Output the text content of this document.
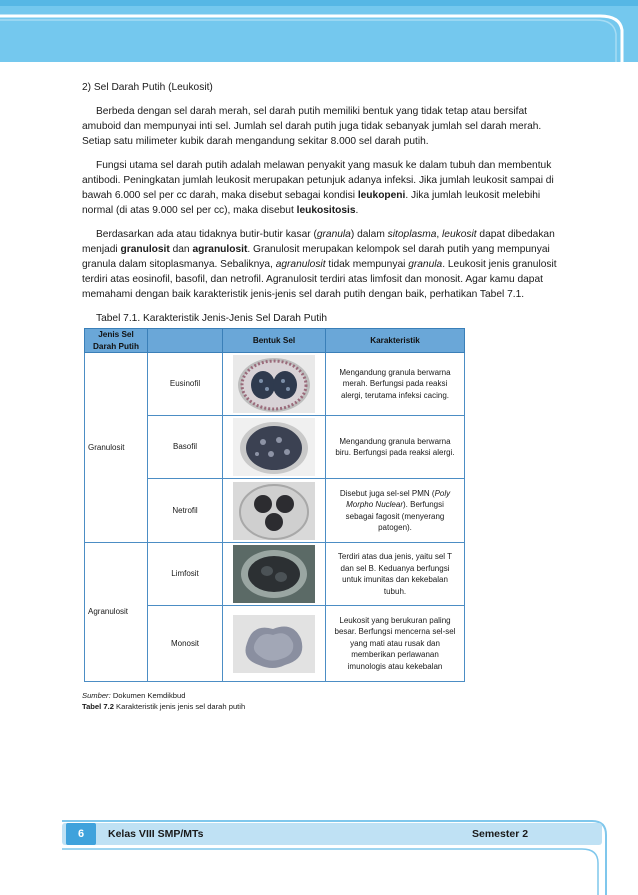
2) Sel Darah Putih (Leukosit)

Berbeda dengan sel darah merah, sel darah putih memiliki bentuk yang tidak tetap atau bersifat amuboid dan mempunyai inti sel. Jumlah sel darah putih juga tidak sebanyak jumlah sel darah merah. Setiap satu milimeter kubik darah mengandung sekitar 8.000 sel darah putih.

Fungsi utama sel darah putih adalah melawan penyakit yang masuk ke dalam tubuh dan membentuk antibodi. Peningkatan jumlah leukosit merupakan petunjuk adanya infeksi. Jika jumlah leukosit sampai di bawah 6.000 sel per cc darah, maka disebut sebagai kondisi leukopeni. Jika jumlah leukosit melebihi normal (di atas 9.000 sel per cc), maka disebut leukositosis.

Berdasarkan ada atau tidaknya butir-butir kasar (granula) dalam sitoplasma, leukosit dapat dibedakan menjadi granulosit dan agranulosit. Granulosit merupakan kelompok sel darah putih yang mempunyai granula dalam sitoplasmanya. Sebaliknya, agranulosit tidak mempunyai granula. Leukosit jenis granulosit terdiri atas eosinofil, basofil, dan netrofil. Agranulosit terdiri atas limfosit dan monosit. Agar kamu dapat memahami dengan baik karakteristik jenis-jenis sel darah putih dengan baik, perhatikan Tabel 7.1.

Tabel 7.1. Karakteristik Jenis-Jenis Sel Darah Putih
Jenis Sel Darah Putih		Bentuk Sel	Karakteristik
Granulosit	Eusinofil		Mengandung granula berwarna merah. Berfungsi pada reaksi alergi, terutama infeksi cacing.
	Basofil		Mengandung granula berwarna biru. Berfungsi pada reaksi alergi.
	Netrofil		Disebut juga sel-sel PMN (Poly Morpho Nuclear). Berfungsi sebagai fagosit (menyerang patogen).
Agranulosit	Limfosit		Terdiri atas dua jenis, yaitu sel T dan sel B. Keduanya berfungsi untuk imunitas dan kekebalan tubuh.
	Monosit		Leukosit yang berukuran paling besar. Berfungsi mencerna sel-sel yang mati atau rusak dan memberikan perlawanan imunologis atau kekebalan
Sumber: Dokumen Kemdikbud
Tabel 7.2 Karakteristik jenis jenis sel darah putih
6	Kelas VIII SMP/MTs	Semester 2
